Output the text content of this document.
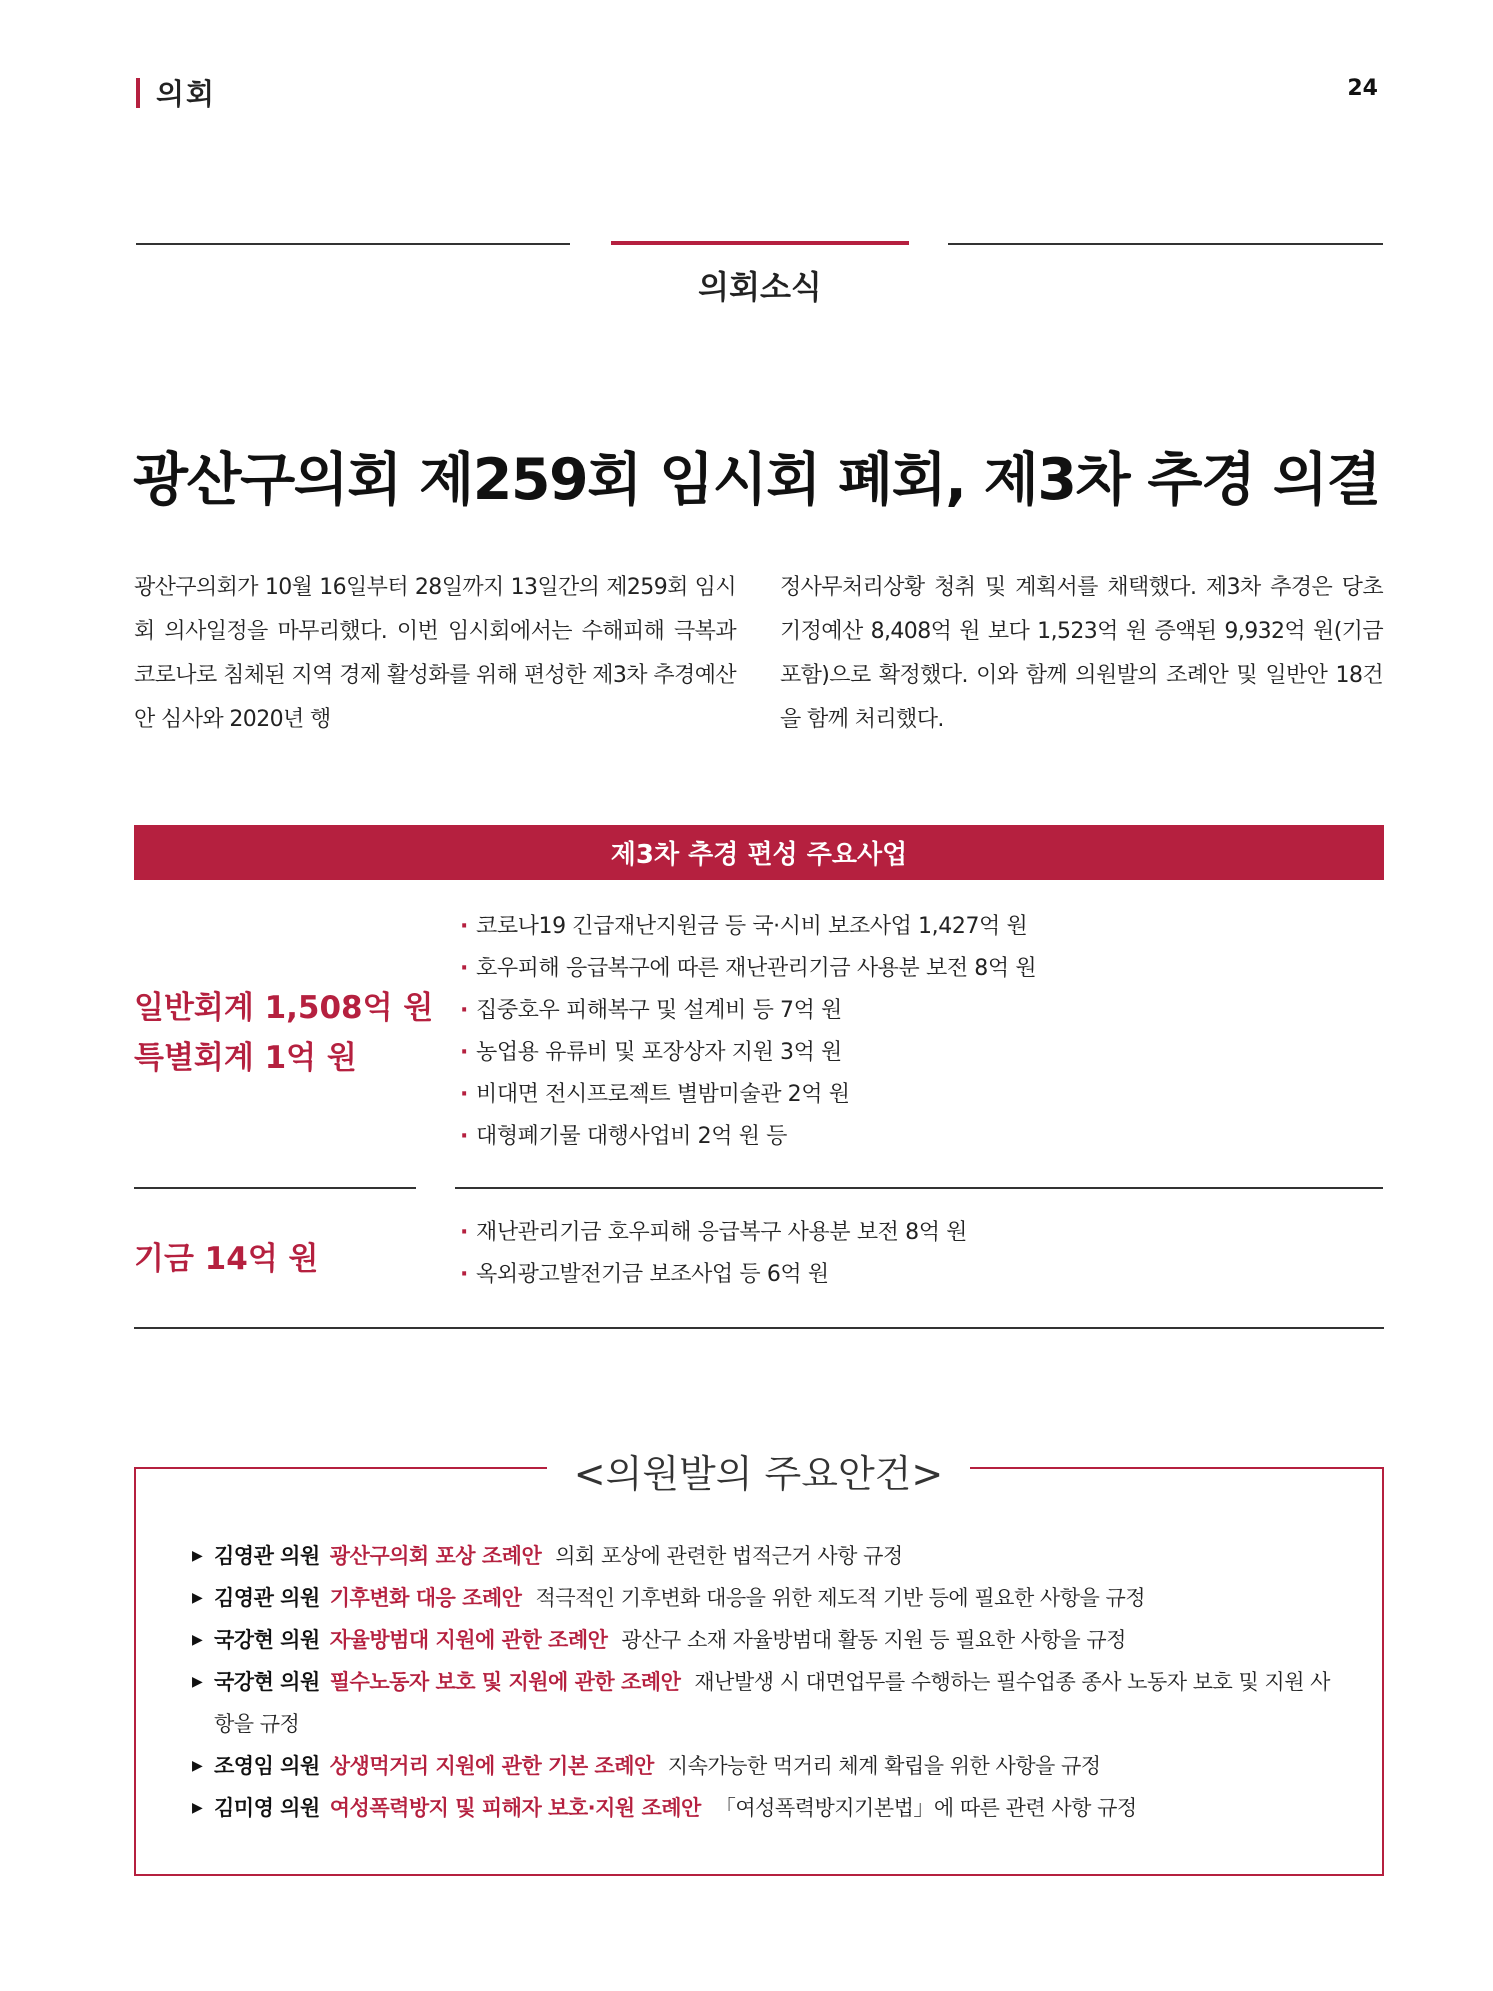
의회	24
의회소식
광산구의회 제259회 임시회 폐회, 제3차 추경 의결

광산구의회가 10월 16일부터 28일까지 13일간의 제259회 임시회 의사일정을 마무리했다. 이번 임시회에서는 수해피해 극복과 코로나로 침체된 지역 경제 활성화를 위해 편성한 제3차 추경예산안 심사와 2020년 행

정사무처리상황 청취 및 계획서를 채택했다. 제3차 추경은 당초 기정예산 8,408억 원 보다 1,523억 원 증액된 9,932억 원(기금 포함)으로 확정했다. 이와 함께 의원발의 조례안 및 일반안 18건을 함께 처리했다.

제3차 추경 편성 주요사업
일반회계 1,508억 원
특별회계 1억 원
· 코로나19 긴급재난지원금 등 국·시비 보조사업 1,427억 원
· 호우피해 응급복구에 따른 재난관리기금 사용분 보전 8억 원
· 집중호우 피해복구 및 설계비 등 7억 원
· 농업용 유류비 및 포장상자 지원 3억 원
· 비대면 전시프로젝트 별밤미술관 2억 원
· 대형폐기물 대행사업비 2억 원 등
기금 14억 원
· 재난관리기금 호우피해 응급복구 사용분 보전 8억 원
· 옥외광고발전기금 보조사업 등 6억 원
<의원발의 주요안건>
▶ 김영관 의원 광산구의회 포상 조례안 의회 포상에 관련한 법적근거 사항 규정
▶ 김영관 의원 기후변화 대응 조례안 적극적인 기후변화 대응을 위한 제도적 기반 등에 필요한 사항을 규정
▶ 국강현 의원 자율방범대 지원에 관한 조례안 광산구 소재 자율방범대 활동 지원 등 필요한 사항을 규정
▶ 국강현 의원 필수노동자 보호 및 지원에 관한 조례안 재난발생 시 대면업무를 수행하는 필수업종 종사 노동자 보호 및 지원 사항을 규정
▶ 조영임 의원 상생먹거리 지원에 관한 기본 조례안 지속가능한 먹거리 체계 확립을 위한 사항을 규정
▶ 김미영 의원 여성폭력방지 및 피해자 보호·지원 조례안 「여성폭력방지기본법」에 따른 관련 사항 규정
